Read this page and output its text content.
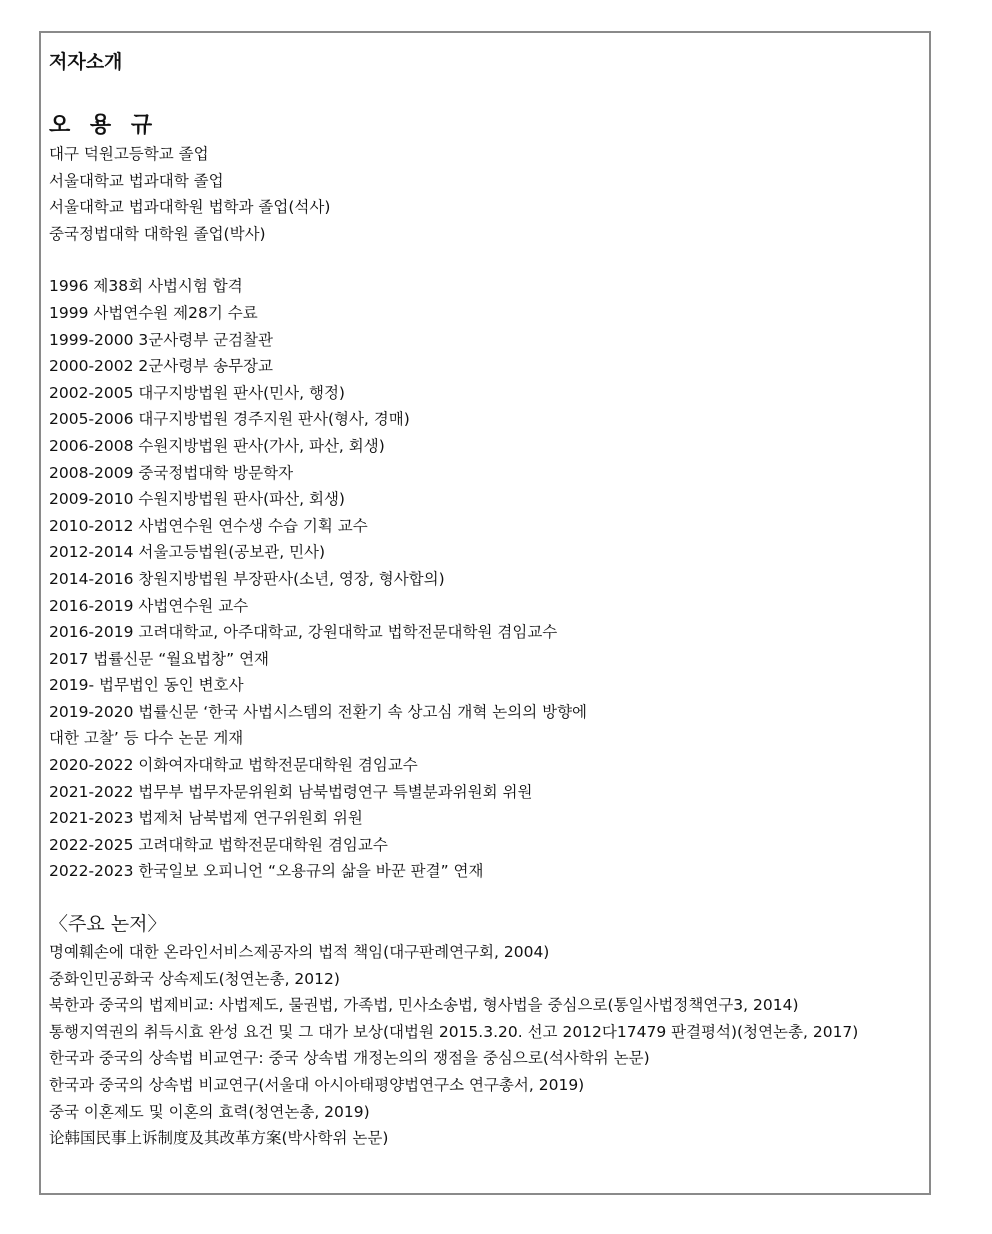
저자소개
오 용 규
대구 덕원고등학교 졸업
서울대학교 법과대학 졸업
서울대학교 법과대학원 법학과 졸업(석사)
중국정법대학 대학원 졸업(박사)
1996 제38회 사법시험 합격
1999 사법연수원 제28기 수료
1999-2000 3군사령부 군검찰관
2000-2002 2군사령부 송무장교
2002-2005 대구지방법원 판사(민사, 행정)
2005-2006 대구지방법원 경주지원 판사(형사, 경매)
2006-2008 수원지방법원 판사(가사, 파산, 회생)
2008-2009 중국정법대학 방문학자
2009-2010 수원지방법원 판사(파산, 회생)
2010-2012 사법연수원 연수생 수습 기획 교수
2012-2014 서울고등법원(공보관, 민사)
2014-2016 창원지방법원 부장판사(소년, 영장, 형사합의)
2016-2019 사법연수원 교수
2016-2019 고려대학교, 아주대학교, 강원대학교 법학전문대학원 겸임교수
2017 법률신문 “월요법창” 연재
2019- 법무법인 동인 변호사
2019-2020 법률신문 ‘한국 사법시스템의 전환기 속 상고심 개혁 논의의 방향에
대한 고찰’ 등 다수 논문 게재
2020-2022 이화여자대학교 법학전문대학원 겸임교수
2021-2022 법무부 법무자문위원회 남북법령연구 특별분과위원회 위원
2021-2023 법제처 남북법제 연구위원회 위원
2022-2025 고려대학교 법학전문대학원 겸임교수
2022-2023 한국일보 오피니언 “오용규의 삶을 바꾼 판결” 연재
〈주요 논저〉
명예훼손에 대한 온라인서비스제공자의 법적 책임(대구판례연구회, 2004)
중화인민공화국 상속제도(청연논총, 2012)
북한과 중국의 법제비교: 사법제도, 물권법, 가족법, 민사소송법, 형사법을 중심으로(통일사법정책연구3, 2014)
통행지역권의 취득시효 완성 요건 및 그 대가 보상(대법원 2015.3.20. 선고 2012다17479 판결평석)(청연논총, 2017)
한국과 중국의 상속법 비교연구: 중국 상속법 개정논의의 쟁점을 중심으로(석사학위 논문)
한국과 중국의 상속법 비교연구(서울대 아시아태평양법연구소 연구총서, 2019)
중국 이혼제도 및 이혼의 효력(청연논총, 2019)
论韩国民事上诉制度及其改革方案(박사학위 논문)
